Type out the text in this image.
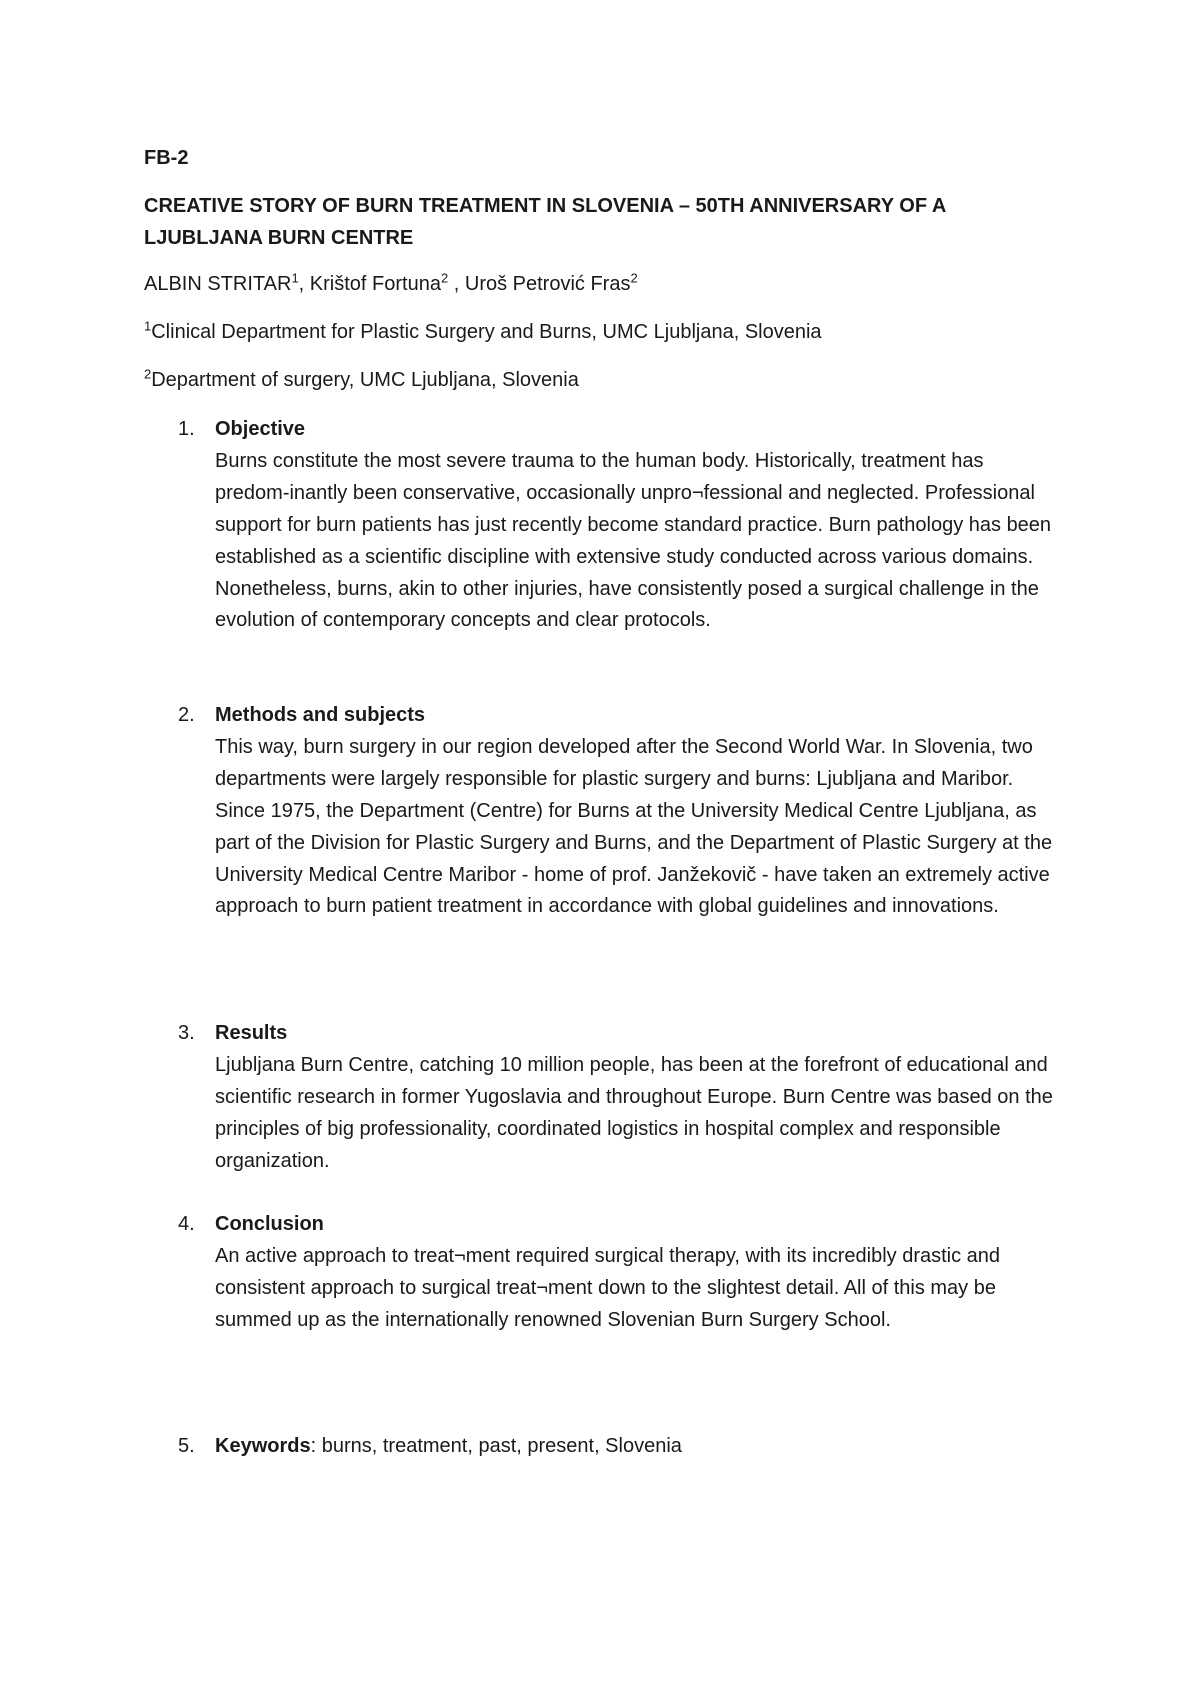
FB-2

CREATIVE STORY OF BURN TREATMENT IN SLOVENIA – 50TH ANNIVERSARY OF A LJUBLJANA BURN CENTRE

ALBIN STRITAR$^1$, Krištof Fortuna$^2$ , Uroš Petrović Fras$^2$

$^1$Clinical Department for Plastic Surgery and Burns, UMC Ljubljana, Slovenia

$^2$Department of surgery, UMC Ljubljana, Slovenia

1.	Objective

Burns constitute the most severe trauma to the human body. Historically, treatment has predom-inantly been conservative, occasionally unpro¬fessional and neglected. Professional support for burn patients has just recently become standard practice. Burn pathology has been established as a scientific discipline with extensive study conducted across various domains. Nonetheless, burns, akin to other injuries, have consistently posed a surgical challenge in the evolution of contemporary concepts and clear protocols.

2.	Methods and subjects

This way, burn surgery in our region developed after the Second World War. In Slovenia, two departments were largely responsible for plastic surgery and burns: Ljubljana and Maribor. Since 1975, the Department (Centre) for Burns at the University Medical Centre Ljubljana, as part of the Division for Plastic Surgery and Burns, and the Department of Plastic Surgery at the University Medical Centre Maribor - home of prof. Janžekovič - have taken an extremely active approach to burn patient treatment in accordance with global guidelines and innovations.

3.	Results

Ljubljana Burn Centre, catching 10 million people, has been at the forefront of educational and scientific research in former Yugoslavia and throughout Europe. Burn Centre was based on the principles of big professionality, coordinated logistics in hospital complex and responsible organization.

4.	Conclusion

An active approach to treat¬ment required surgical therapy, with its incredibly drastic and consistent approach to surgical treat¬ment down to the slightest detail. All of this may be summed up as the internationally renowned Slovenian Burn Surgery School.

5.	Keywords: burns, treatment, past, present, Slovenia
